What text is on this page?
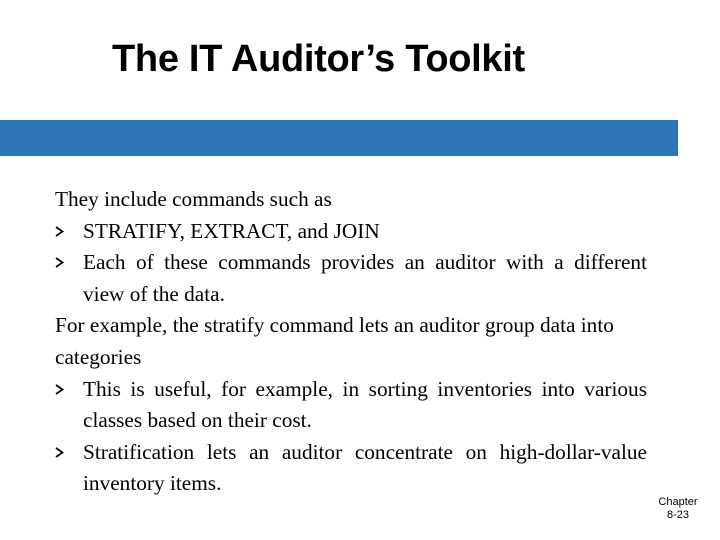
The IT Auditor’s Toolkit

They include commands such as

STRATIFY, EXTRACT, and JOIN
Each of these commands provides an auditor with a different view of the data.

For example, the stratify command lets an auditor group data into categories

This is useful, for example, in sorting inventories into various classes based on their cost.
Stratification lets an auditor concentrate on high-dollar-value inventory items.
Chapter
8-23
